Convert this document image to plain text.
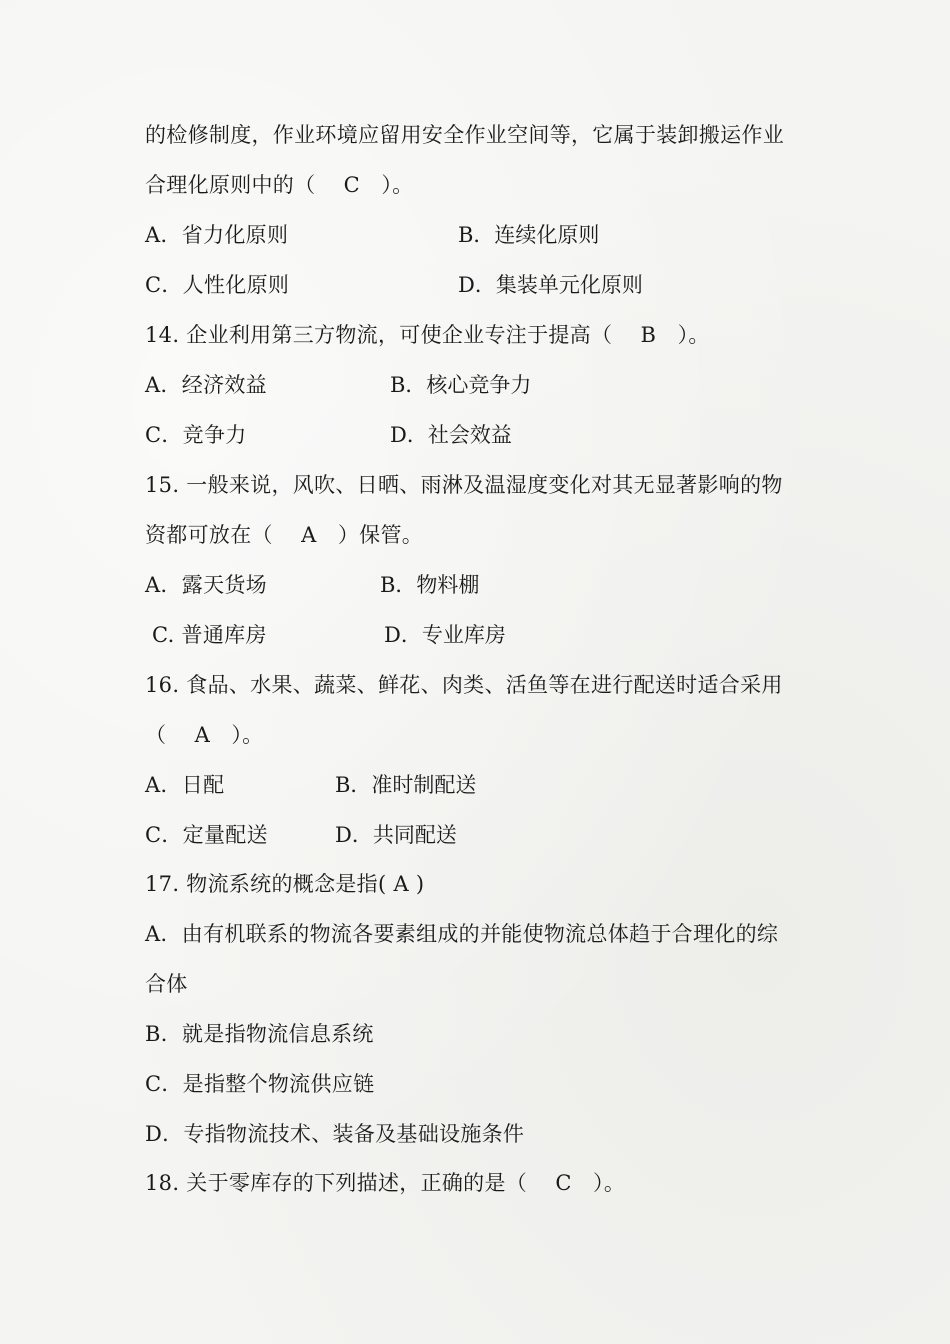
的检修制度，作业环境应留用安全作业空间等，它属于装卸搬运作业
合理化原则中的（　 C　）。
A．省力化原则	B．连续化原则
C．人性化原则	D．集装单元化原则
14. 企业利用第三方物流，可使企业专注于提高（　 B　）。
A．经济效益	B．核心竞争力
C．竞争力	D．社会效益
15. 一般来说，风吹、日晒、雨淋及温湿度变化对其无显著影响的物
资都可放在（　 A　）保管。
A．露天货场	B．物料棚
C. 普通库房	D．专业库房
16. 食品、水果、蔬菜、鲜花、肉类、活鱼等在进行配送时适合采用
（　 A　）。
A．日配	B．准时制配送
C．定量配送	D．共同配送
17. 物流系统的概念是指( A )
A．由有机联系的物流各要素组成的并能使物流总体趋于合理化的综
合体
B．就是指物流信息系统
C．是指整个物流供应链
D．专指物流技术、装备及基础设施条件
18. 关于零库存的下列描述，正确的是（　 C　）。
